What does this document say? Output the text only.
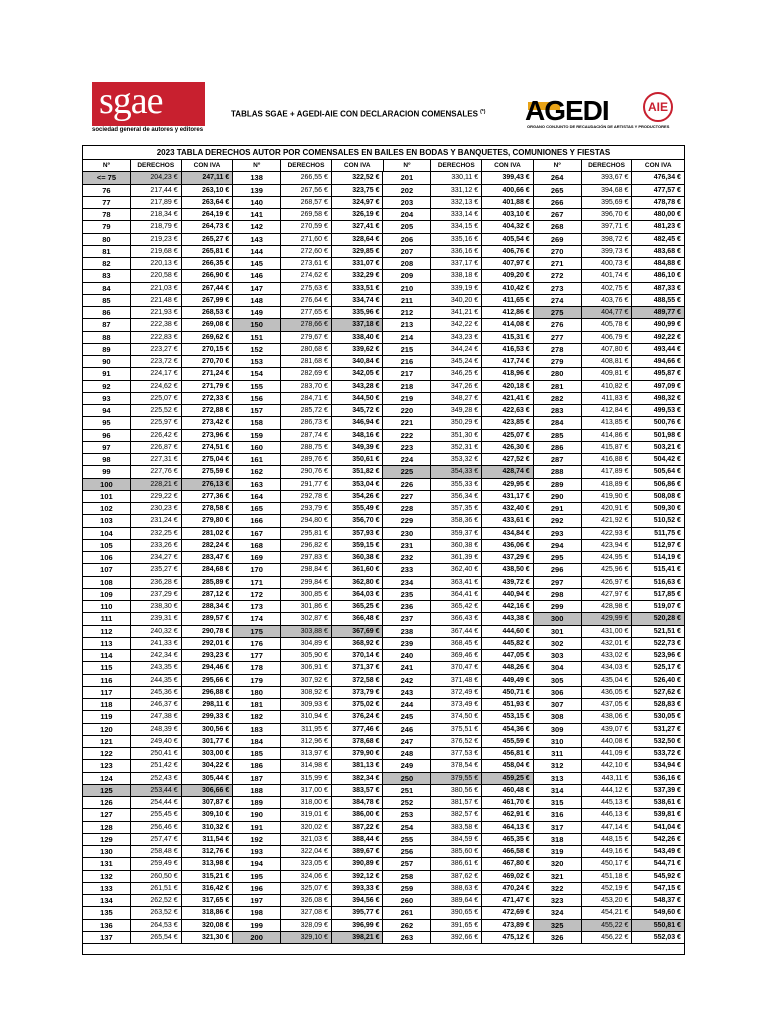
sgae
sociedad general de autores y editores
TABLAS SGAE + AGEDI-AIE CON DECLARACION COMENSALES (*) AGEDI	AIE
ORGANO CONJUNTO DE RECAUDACIÓN DE ARTISTAS Y PRODUCTORES
2023 TABLA DERECHOS AUTOR POR COMENSALES EN BAILES EN BODAS Y BANQUETES, COMUNIONES Y FIESTAS
Nº	DERECHOS	CON IVA	Nº	DERECHOS	CON IVA	Nº	DERECHOS	CON IVA	Nº	DERECHOS	CON IVA
<= 75	204,23 €	247,11 €	138	266,55 €	322,52 €	201	330,11 €	399,43 €	264	393,67 €	476,34 €
76	217,44 €	263,10 €	139	267,56 €	323,75 €	202	331,12 €	400,66 €	265	394,68 €	477,57 €
77	217,89 €	263,64 €	140	268,57 €	324,97 €	203	332,13 €	401,88 €	266	395,69 €	478,78 €
78	218,34 €	264,19 €	141	269,58 €	326,19 €	204	333,14 €	403,10 €	267	396,70 €	480,00 €
79	218,79 €	264,73 €	142	270,59 €	327,41 €	205	334,15 €	404,32 €	268	397,71 €	481,23 €
80	219,23 €	265,27 €	143	271,60 €	328,64 €	206	335,16 €	405,54 €	269	398,72 €	482,45 €
81	219,68 €	265,81 €	144	272,60 €	329,85 €	207	336,16 €	406,76 €	270	399,73 €	483,68 €
82	220,13 €	266,35 €	145	273,61 €	331,07 €	208	337,17 €	407,97 €	271	400,73 €	484,88 €
83	220,58 €	266,90 €	146	274,62 €	332,29 €	209	338,18 €	409,20 €	272	401,74 €	486,10 €
84	221,03 €	267,44 €	147	275,63 €	333,51 €	210	339,19 €	410,42 €	273	402,75 €	487,33 €
85	221,48 €	267,99 €	148	276,64 €	334,74 €	211	340,20 €	411,65 €	274	403,76 €	488,55 €
86	221,93 €	268,53 €	149	277,65 €	335,96 €	212	341,21 €	412,86 €	275	404,77 €	489,77 €
87	222,38 €	269,08 €	150	278,66 €	337,18 €	213	342,22 €	414,08 €	276	405,78 €	490,99 €
88	222,83 €	269,62 €	151	279,67 €	338,40 €	214	343,23 €	415,31 €	277	406,79 €	492,22 €
89	223,27 €	270,15 €	152	280,68 €	339,62 €	215	344,24 €	416,53 €	278	407,80 €	493,44 €
90	223,72 €	270,70 €	153	281,68 €	340,84 €	216	345,24 €	417,74 €	279	408,81 €	494,66 €
91	224,17 €	271,24 €	154	282,69 €	342,05 €	217	346,25 €	418,96 €	280	409,81 €	495,87 €
92	224,62 €	271,79 €	155	283,70 €	343,28 €	218	347,26 €	420,18 €	281	410,82 €	497,09 €
93	225,07 €	272,33 €	156	284,71 €	344,50 €	219	348,27 €	421,41 €	282	411,83 €	498,32 €
94	225,52 €	272,88 €	157	285,72 €	345,72 €	220	349,28 €	422,63 €	283	412,84 €	499,53 €
95	225,97 €	273,42 €	158	286,73 €	346,94 €	221	350,29 €	423,85 €	284	413,85 €	500,76 €
96	226,42 €	273,96 €	159	287,74 €	348,16 €	222	351,30 €	425,07 €	285	414,86 €	501,98 €
97	226,87 €	274,51 €	160	288,75 €	349,39 €	223	352,31 €	426,30 €	286	415,87 €	503,21 €
98	227,31 €	275,04 €	161	289,76 €	350,61 €	224	353,32 €	427,52 €	287	416,88 €	504,42 €
99	227,76 €	275,59 €	162	290,76 €	351,82 €	225	354,33 €	428,74 €	288	417,89 €	505,64 €
100	228,21 €	276,13 €	163	291,77 €	353,04 €	226	355,33 €	429,95 €	289	418,89 €	506,86 €
101	229,22 €	277,36 €	164	292,78 €	354,26 €	227	356,34 €	431,17 €	290	419,90 €	508,08 €
102	230,23 €	278,58 €	165	293,79 €	355,49 €	228	357,35 €	432,40 €	291	420,91 €	509,30 €
103	231,24 €	279,80 €	166	294,80 €	356,70 €	229	358,36 €	433,61 €	292	421,92 €	510,52 €
104	232,25 €	281,02 €	167	295,81 €	357,93 €	230	359,37 €	434,84 €	293	422,93 €	511,75 €
105	233,26 €	282,24 €	168	296,82 €	359,15 €	231	360,38 €	436,06 €	294	423,94 €	512,97 €
106	234,27 €	283,47 €	169	297,83 €	360,38 €	232	361,39 €	437,29 €	295	424,95 €	514,19 €
107	235,27 €	284,68 €	170	298,84 €	361,60 €	233	362,40 €	438,50 €	296	425,96 €	515,41 €
108	236,28 €	285,89 €	171	299,84 €	362,80 €	234	363,41 €	439,72 €	297	426,97 €	516,63 €
109	237,29 €	287,12 €	172	300,85 €	364,03 €	235	364,41 €	440,94 €	298	427,97 €	517,85 €
110	238,30 €	288,34 €	173	301,86 €	365,25 €	236	365,42 €	442,16 €	299	428,98 €	519,07 €
111	239,31 €	289,57 €	174	302,87 €	366,48 €	237	366,43 €	443,38 €	300	429,99 €	520,28 €
112	240,32 €	290,78 €	175	303,88 €	367,69 €	238	367,44 €	444,60 €	301	431,00 €	521,51 €
113	241,33 €	292,01 €	176	304,89 €	368,92 €	239	368,45 €	445,82 €	302	432,01 €	522,73 €
114	242,34 €	293,23 €	177	305,90 €	370,14 €	240	369,46 €	447,05 €	303	433,02 €	523,96 €
115	243,35 €	294,46 €	178	306,91 €	371,37 €	241	370,47 €	448,26 €	304	434,03 €	525,17 €
116	244,35 €	295,66 €	179	307,92 €	372,58 €	242	371,48 €	449,49 €	305	435,04 €	526,40 €
117	245,36 €	296,88 €	180	308,92 €	373,79 €	243	372,49 €	450,71 €	306	436,05 €	527,62 €
118	246,37 €	298,11 €	181	309,93 €	375,02 €	244	373,49 €	451,93 €	307	437,05 €	528,83 €
119	247,38 €	299,33 €	182	310,94 €	376,24 €	245	374,50 €	453,15 €	308	438,06 €	530,05 €
120	248,39 €	300,56 €	183	311,95 €	377,46 €	246	375,51 €	454,36 €	309	439,07 €	531,27 €
121	249,40 €	301,77 €	184	312,96 €	378,68 €	247	376,52 €	455,59 €	310	440,08 €	532,50 €
122	250,41 €	303,00 €	185	313,97 €	379,90 €	248	377,53 €	456,81 €	311	441,09 €	533,72 €
123	251,42 €	304,22 €	186	314,98 €	381,13 €	249	378,54 €	458,04 €	312	442,10 €	534,94 €
124	252,43 €	305,44 €	187	315,99 €	382,34 €	250	379,55 €	459,25 €	313	443,11 €	536,16 €
125	253,44 €	306,66 €	188	317,00 €	383,57 €	251	380,56 €	460,48 €	314	444,12 €	537,39 €
126	254,44 €	307,87 €	189	318,00 €	384,78 €	252	381,57 €	461,70 €	315	445,13 €	538,61 €
127	255,45 €	309,10 €	190	319,01 €	386,00 €	253	382,57 €	462,91 €	316	446,13 €	539,81 €
128	256,46 €	310,32 €	191	320,02 €	387,22 €	254	383,58 €	464,13 €	317	447,14 €	541,04 €
129	257,47 €	311,54 €	192	321,03 €	388,44 €	255	384,59 €	465,35 €	318	448,15 €	542,26 €
130	258,48 €	312,76 €	193	322,04 €	389,67 €	256	385,60 €	466,58 €	319	449,16 €	543,49 €
131	259,49 €	313,98 €	194	323,05 €	390,89 €	257	386,61 €	467,80 €	320	450,17 €	544,71 €
132	260,50 €	315,21 €	195	324,06 €	392,12 €	258	387,62 €	469,02 €	321	451,18 €	545,92 €
133	261,51 €	316,42 €	196	325,07 €	393,33 €	259	388,63 €	470,24 €	322	452,19 €	547,15 €
134	262,52 €	317,65 €	197	326,08 €	394,56 €	260	389,64 €	471,47 €	323	453,20 €	548,37 €
135	263,52 €	318,86 €	198	327,08 €	395,77 €	261	390,65 €	472,69 €	324	454,21 €	549,60 €
136	264,53 €	320,08 €	199	328,09 €	396,99 €	262	391,65 €	473,89 €	325	455,22 €	550,81 €
137	265,54 €	321,30 €	200	329,10 €	398,21 €	263	392,66 €	475,12 €	326	456,22 €	552,03 €
